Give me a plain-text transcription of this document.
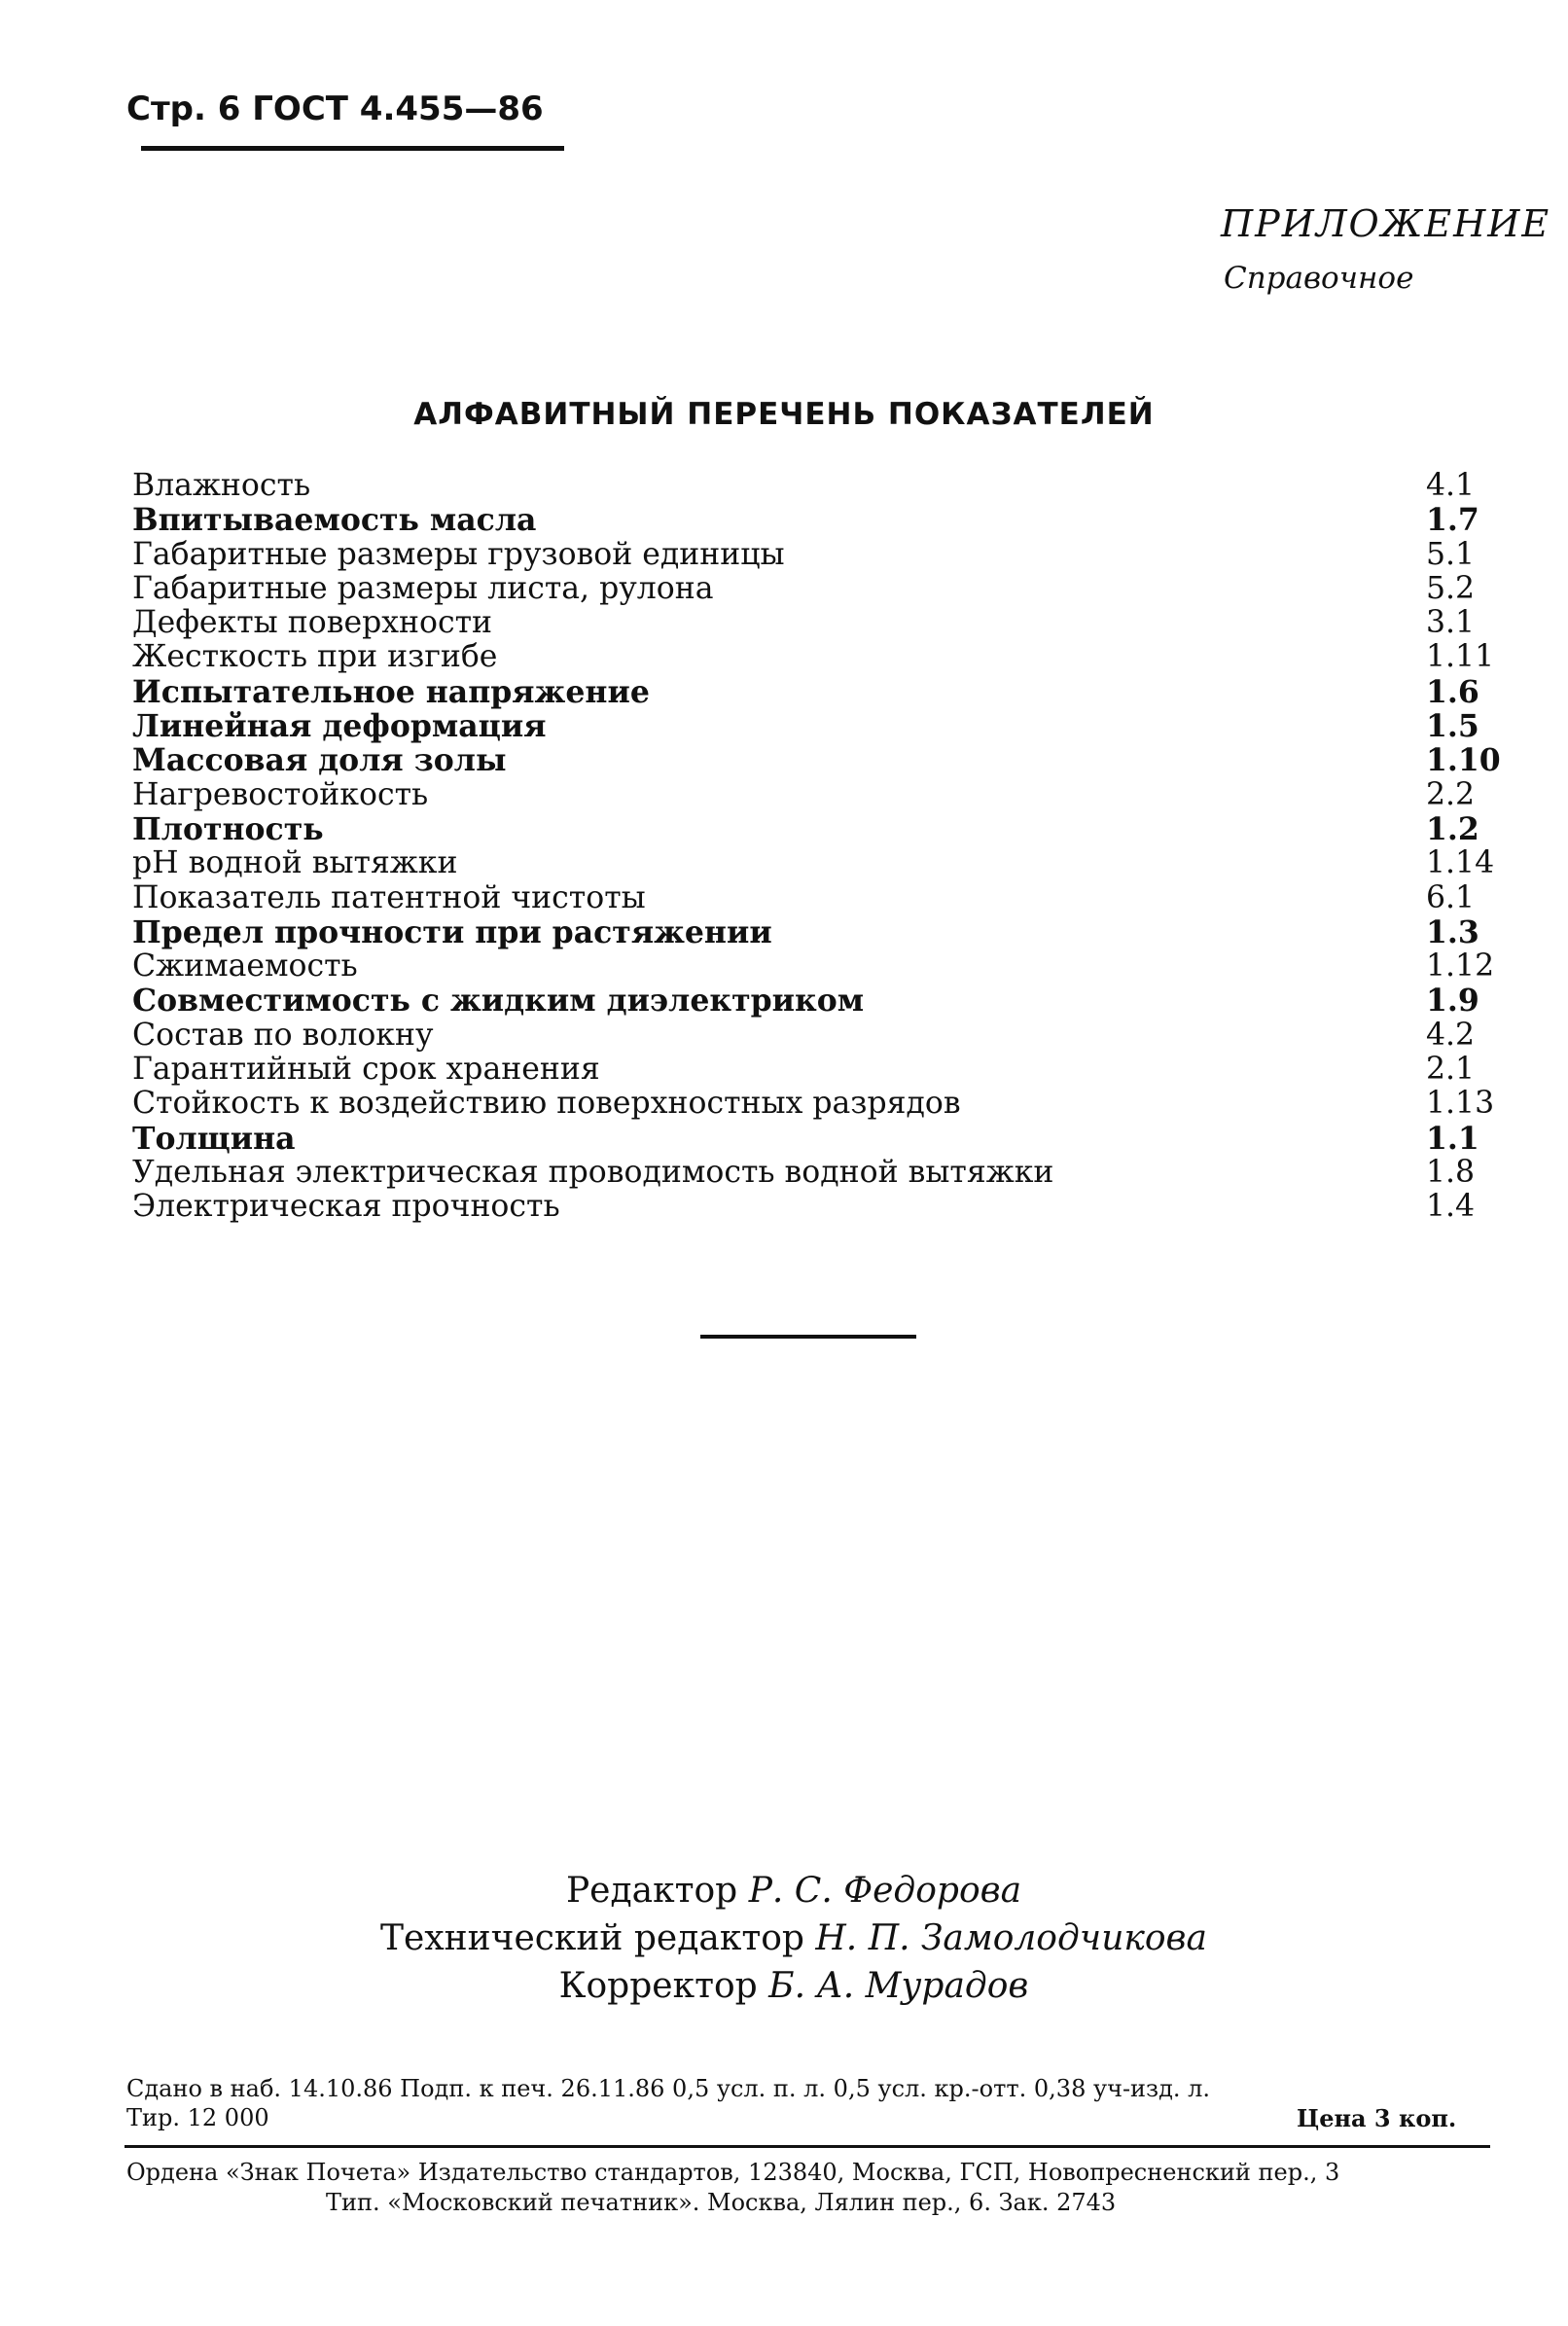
Стр. 6 ГОСТ 4.455—86
ПРИЛОЖЕНИЕ
Справочное
АЛФАВИТНЫЙ ПЕРЕЧЕНЬ ПОКАЗАТЕЛЕЙ
Влажность	4.1
Впитываемость масла	1.7
Габаритные размеры грузовой единицы	5.1
Габаритные размеры листа, рулона	5.2
Дефекты поверхности	3.1
Жесткость при изгибе	1.11
Испытательное напряжение	1.6
Линейная деформация	1.5
Массовая доля золы	1.10
Нагревостойкость	2.2
Плотность	1.2
pH водной вытяжки	1.14
Показатель патентной чистоты	6.1
Предел прочности при растяжении	1.3
Сжимаемость	1.12
Совместимость с жидким диэлектриком	1.9
Состав по волокну	4.2
Гарантийный срок хранения	2.1
Стойкость к воздействию поверхностных разрядов	1.13
Толщина	1.1
Удельная электрическая проводимость водной вытяжки	1.8
Электрическая прочность	1.4
Редактор Р. С. Федорова
Технический редактор Н. П. Замолодчикова
Корректор Б. А. Мурадов
Сдано в наб. 14.10.86 Подп. к печ. 26.11.86 0,5 усл. п. л. 0,5 усл. кр.-отт. 0,38 уч-изд. л.
Тир. 12 000	Цена 3 коп.
Ордена «Знак Почета» Издательство стандартов, 123840, Москва, ГСП, Новопресненский пер., 3
Тип. «Московский печатник». Москва, Лялин пер., 6. Зак. 2743
